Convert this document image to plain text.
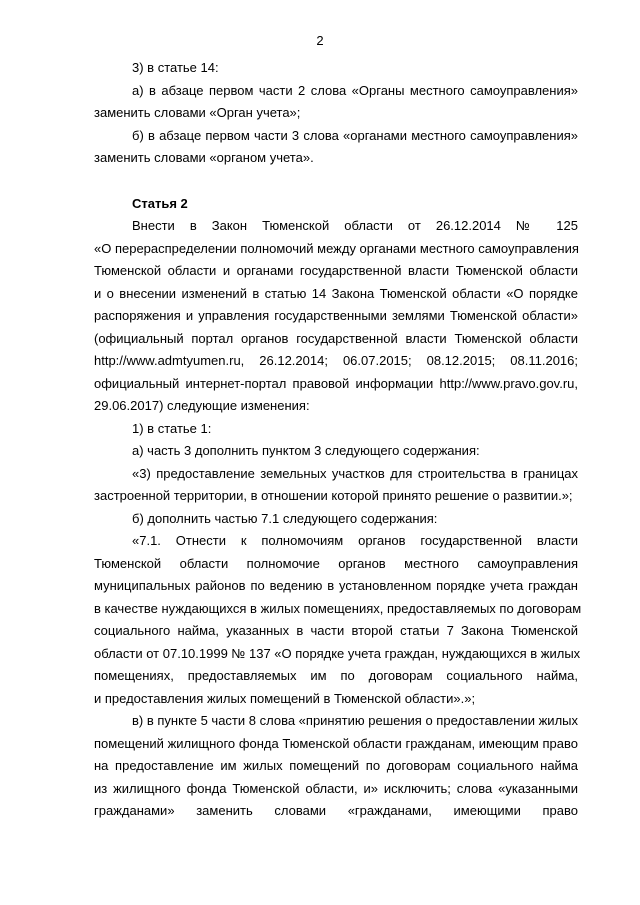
2
3) в статье 14:
а) в абзаце первом части 2 слова «Органы местного самоуправления»
заменить словами «Орган учета»;
б) в абзаце первом части 3 слова «органами местного самоуправления»
заменить словами «органом учета».
Статья 2
Внести в Закон Тюменской области от 26.12.2014 № 125
«О перераспределении полномочий между органами местного самоуправления
Тюменской области и органами государственной власти Тюменской области
и о внесении изменений в статью 14 Закона Тюменской области «О порядке
распоряжения и управления государственными землями Тюменской области»
(официальный портал органов государственной власти Тюменской области
http://www.admtyumen.ru, 26.12.2014; 06.07.2015; 08.12.2015; 08.11.2016;
официальный интернет-портал правовой информации http://www.pravo.gov.ru,
29.06.2017) следующие изменения:
1) в статье 1:
а) часть 3 дополнить пунктом 3 следующего содержания:
«3) предоставление земельных участков для строительства в границах
застроенной территории, в отношении которой принято решение о развитии.»;
б) дополнить частью 7.1 следующего содержания:
«7.1. Отнести к полномочиям органов государственной власти
Тюменской области полномочие органов местного самоуправления
муниципальных районов по ведению в установленном порядке учета граждан
в качестве нуждающихся в жилых помещениях, предоставляемых по договорам
социального найма, указанных в части второй статьи 7 Закона Тюменской
области от 07.10.1999 № 137 «О порядке учета граждан, нуждающихся в жилых
помещениях, предоставляемых им по договорам социального найма,
и предоставления жилых помещений в Тюменской области».»;
в) в пункте 5 части 8 слова «принятию решения о предоставлении жилых
помещений жилищного фонда Тюменской области гражданам, имеющим право
на предоставление им жилых помещений по договорам социального найма
из жилищного фонда Тюменской области, и» исключить; слова «указанными
гражданами» заменить словами «гражданами, имеющими право
